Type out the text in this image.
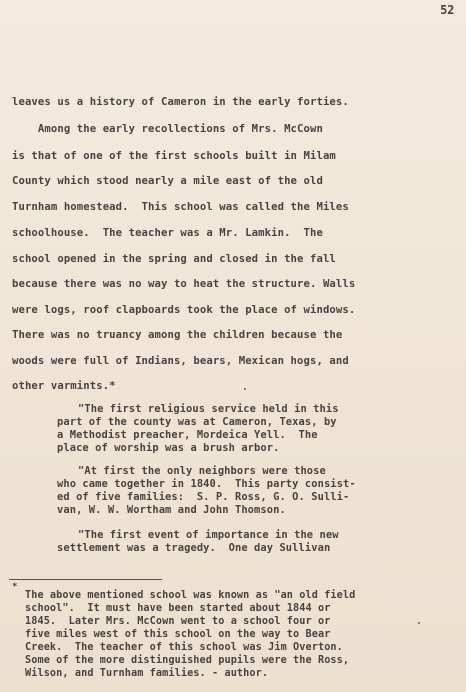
52
leaves us a history of Cameron in the early forties.
Among the early recollections of Mrs. McCown
is that of one of the first schools built in Milam
County which stood nearly a mile east of the old
Turnham homestead.  This school was called the Miles
schoolhouse.  The teacher was a Mr. Lamkin.  The
school opened in the spring and closed in the fall
because there was no way to heat the structure. Walls
were logs, roof clapboards took the place of windows.
There was no truancy among the children because the
woods were full of Indians, bears, Mexican hogs, and
other varmints.*
"The first religious service held in this
part of the county was at Cameron, Texas, by
a Methodist preacher, Mordeica Yell.  The
place of worship was a brush arbor.
"At first the only neighbors were those
who came together in 1840.  This party consist-
ed of five families:  S. P. Ross, G. O. Sulli-
van, W. W. Wortham and John Thomson.
"The first event of importance in the new
settlement was a tragedy.  One day Sullivan
*
The above mentioned school was known as "an old field
school".  It must have been started about 1844 or
1845.  Later Mrs. McCown went to a school four or
five miles west of this school on the way to Bear
Creek.  The teacher of this school was Jim Overton.
Some of the more distinguished pupils were the Ross,
Wilson, and Turnham families. - author.
